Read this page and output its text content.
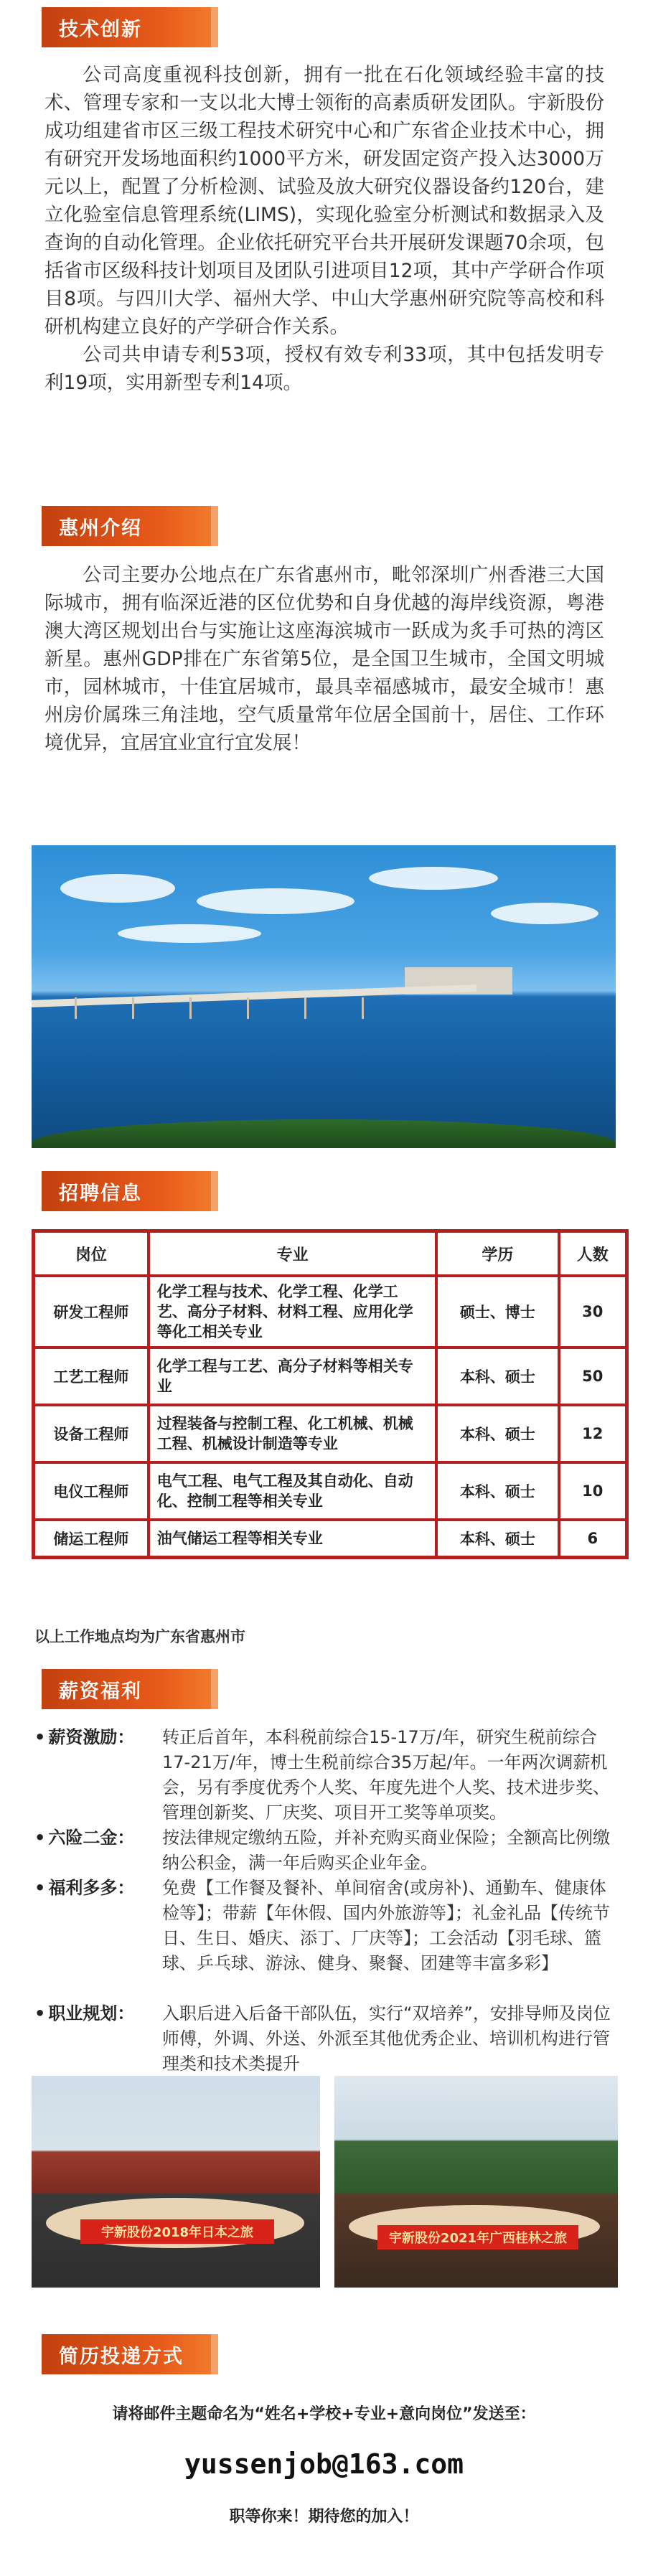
技术创新

公司高度重视科技创新，拥有一批在石化领域经验丰富的技术、管理专家和一支以北大博士领衔的高素质研发团队。宇新股份成功组建省市区三级工程技术研究中心和广东省企业技术中心，拥有研究开发场地面积约1000平方米，研发固定资产投入达3000万元以上，配置了分析检测、试验及放大研究仪器设备约120台，建立化验室信息管理系统(LIMS)，实现化验室分析测试和数据录入及查询的自动化管理。企业依托研究平台共开展研发课题70余项，包括省市区级科技计划项目及团队引进项目12项，其中产学研合作项目8项。与四川大学、福州大学、中山大学惠州研究院等高校和科研机构建立良好的产学研合作关系。

公司共申请专利53项，授权有效专利33项，其中包括发明专利19项，实用新型专利14项。

惠州介绍

公司主要办公地点在广东省惠州市，毗邻深圳广州香港三大国际城市，拥有临深近港的区位优势和自身优越的海岸线资源，粤港澳大湾区规划出台与实施让这座海滨城市一跃成为炙手可热的湾区新星。惠州GDP排在广东省第5位，是全国卫生城市，全国文明城市，园林城市，十佳宜居城市，最具幸福感城市，最安全城市！惠州房价属珠三角洼地，空气质量常年位居全国前十，居住、工作环境优异，宜居宜业宜行宜发展！

招聘信息
岗位	专业	学历	人数
研发工程师	化学工程与技术、化学工程、化学工艺、高分子材料、材料工程、应用化学等化工相关专业	硕士、博士	30
工艺工程师	化学工程与工艺、高分子材料等相关专业	本科、硕士	50
设备工程师	过程装备与控制工程、化工机械、机械工程、机械设计制造等专业	本科、硕士	12
电仪工程师	电气工程、电气工程及其自动化、自动化、控制工程等相关专业	本科、硕士	10
储运工程师	油气储运工程等相关专业	本科、硕士	6
以上工作地点均为广东省惠州市
薪资福利
• 薪资激励： 转正后首年，本科税前综合15-17万/年，研究生税前综合17-21万/年，博士生税前综合35万起/年。一年两次调薪机会，另有季度优秀个人奖、年度先进个人奖、技术进步奖、管理创新奖、厂庆奖、项目开工奖等单项奖。
• 六险二金： 按法律规定缴纳五险，并补充购买商业保险；全额高比例缴纳公积金，满一年后购买企业年金。
• 福利多多： 免费【工作餐及餐补、单间宿舍(或房补)、通勤车、健康体检等】；带薪【年休假、国内外旅游等】；礼金礼品【传统节日、生日、婚庆、添丁、厂庆等】；工会活动【羽毛球、篮球、乒乓球、游泳、健身、聚餐、团建等丰富多彩】
• 职业规划： 入职后进入后备干部队伍，实行“双培养”，安排导师及岗位师傅，外调、外送、外派至其他优秀企业、培训机构进行管理类和技术类提升
宇新股份2018年日本之旅	宇新股份2021年广西桂林之旅
简历投递方式
请将邮件主题命名为“姓名+学校+专业+意向岗位”发送至：
yussenjob@163.com
职等你来！期待您的加入！
